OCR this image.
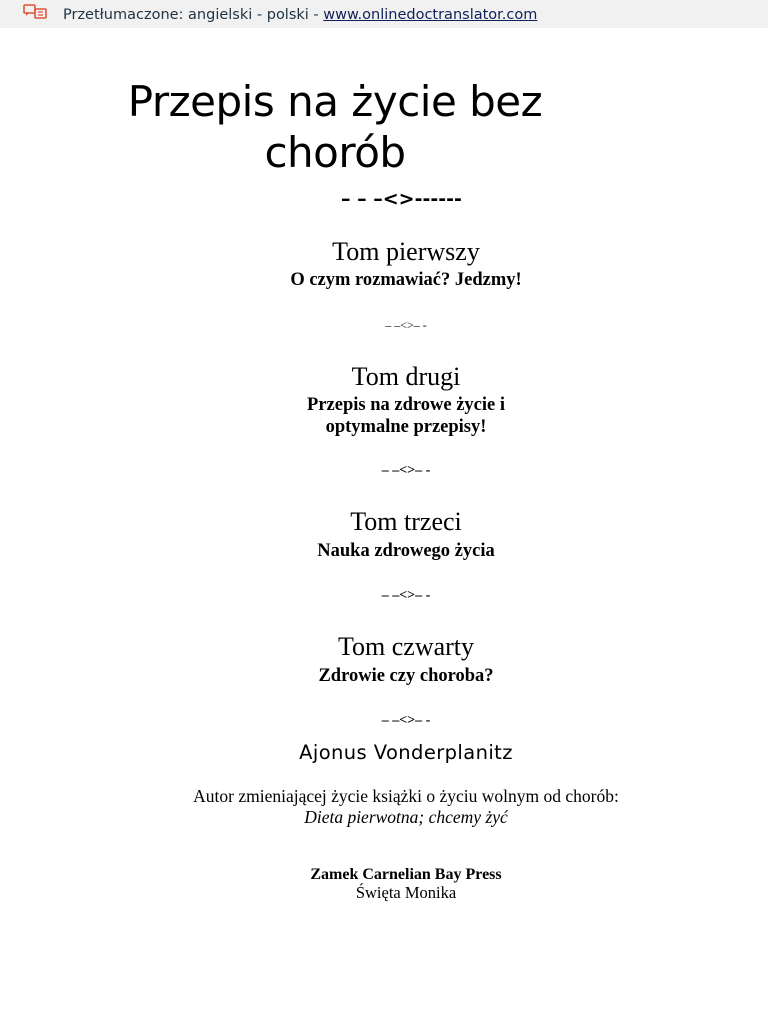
Przetłumaczone: angielski - polski - www.onlinedoctranslator.com
Przepis na życie bez
chorób
– – –<>------
Tom pierwszy
O czym rozmawiać? Jedzmy!
– –<>– -
Tom drugi
Przepis na zdrowe życie i
optymalne przepisy!
– –<>– -
Tom trzeci
Nauka zdrowego życia
– –<>– -
Tom czwarty
Zdrowie czy choroba?
– –<>– -
Ajonus Vonderplanitz
Autor zmieniającej życie książki o życiu wolnym od chorób:
Dieta pierwotna; chcemy żyć
Zamek Carnelian Bay Press
Święta Monika
